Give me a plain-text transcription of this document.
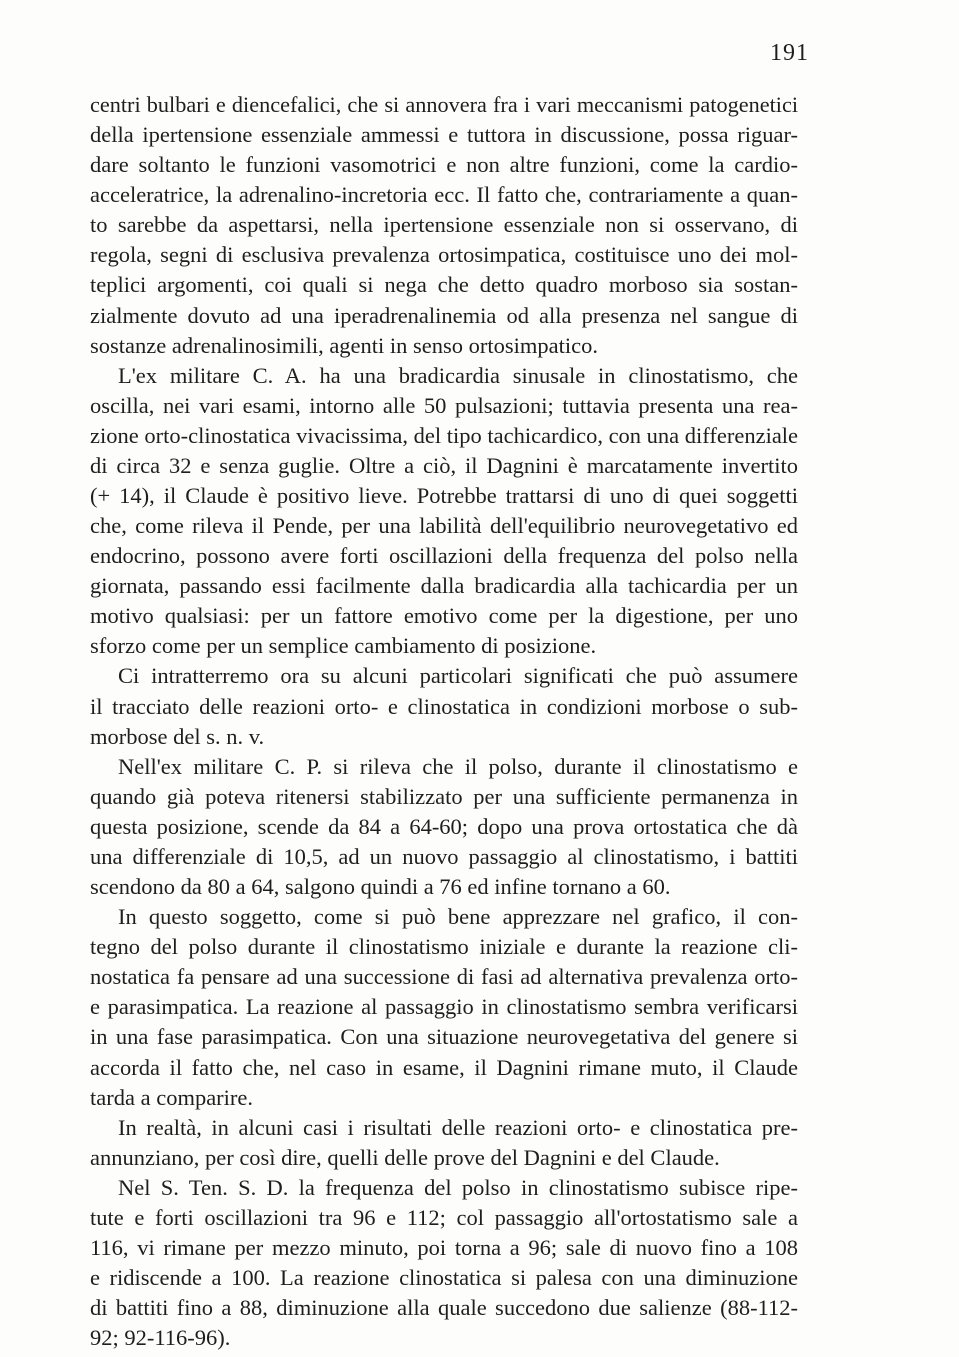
191
centri bulbari e diencefalici, che si annovera fra i vari meccanismi patogenetici
della ipertensione essenziale ammessi e tuttora in discussione, possa riguar-
dare soltanto le funzioni vasomotrici e non altre funzioni, come la cardio-
acceleratrice, la adrenalino-incretoria ecc. Il fatto che, contrariamente a quan-
to sarebbe da aspettarsi, nella ipertensione essenziale non si osservano, di
regola, segni di esclusiva prevalenza ortosimpatica, costituisce uno dei mol-
teplici argomenti, coi quali si nega che detto quadro morboso sia sostan-
zialmente dovuto ad una iperadrenalinemia od alla presenza nel sangue di
sostanze adrenalinosimili, agenti in senso ortosimpatico.
L'ex militare C. A. ha una bradicardia sinusale in clinostatismo, che
oscilla, nei vari esami, intorno alle 50 pulsazioni; tuttavia presenta una rea-
zione orto-clinostatica vivacissima, del tipo tachicardico, con una differenziale
di circa 32 e senza guglie. Oltre a ciò, il Dagnini è marcatamente invertito
(+ 14), il Claude è positivo lieve. Potrebbe trattarsi di uno di quei soggetti
che, come rileva il Pende, per una labilità dell'equilibrio neurovegetativo ed
endocrino, possono avere forti oscillazioni della frequenza del polso nella
giornata, passando essi facilmente dalla bradicardia alla tachicardia per un
motivo qualsiasi: per un fattore emotivo come per la digestione, per uno
sforzo come per un semplice cambiamento di posizione.
Ci intratterremo ora su alcuni particolari significati che può assumere
il tracciato delle reazioni orto- e clinostatica in condizioni morbose o sub-
morbose del s. n. v.
Nell'ex militare C. P. si rileva che il polso, durante il clinostatismo e
quando già poteva ritenersi stabilizzato per una sufficiente permanenza in
questa posizione, scende da 84 a 64-60; dopo una prova ortostatica che dà
una differenziale di 10,5, ad un nuovo passaggio al clinostatismo, i battiti
scendono da 80 a 64, salgono quindi a 76 ed infine tornano a 60.
In questo soggetto, come si può bene apprezzare nel grafico, il con-
tegno del polso durante il clinostatismo iniziale e durante la reazione cli-
nostatica fa pensare ad una successione di fasi ad alternativa prevalenza orto-
e parasimpatica. La reazione al passaggio in clinostatismo sembra verificarsi
in una fase parasimpatica. Con una situazione neurovegetativa del genere si
accorda il fatto che, nel caso in esame, il Dagnini rimane muto, il Claude
tarda a comparire.
In realtà, in alcuni casi i risultati delle reazioni orto- e clinostatica pre-
annunziano, per così dire, quelli delle prove del Dagnini e del Claude.
Nel S. Ten. S. D. la frequenza del polso in clinostatismo subisce ripe-
tute e forti oscillazioni tra 96 e 112; col passaggio all'ortostatismo sale a
116, vi rimane per mezzo minuto, poi torna a 96; sale di nuovo fino a 108
e ridiscende a 100. La reazione clinostatica si palesa con una diminuzione
di battiti fino a 88, diminuzione alla quale succedono due salienze (88-112-
92; 92-116-96).
